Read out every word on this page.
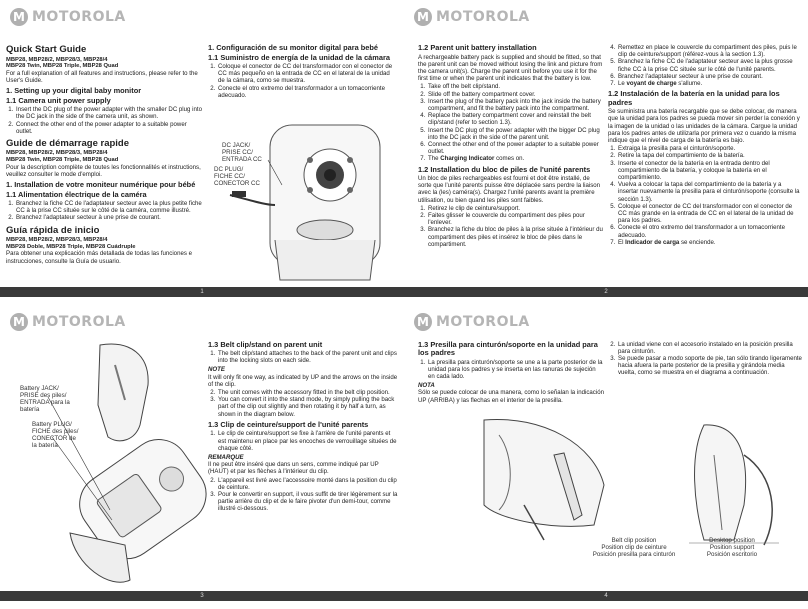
M
MOTOROLA
Quick Start Guide
MBP28, MBP28/2, MBP28/3, MBP28/4
MBP28 Twin, MBP28 Triple, MBP28 Quad
For a full explanation of all features and instructions, please refer to the User's Guide.
1. Setting up your digital baby monitor
1.1 Camera unit power supply
1. Insert the DC plug of the power adapter with the smaller DC plug into the DC jack in the side of the camera unit, as shown.
2. Connect the other end of the power adapter to a suitable power outlet.
Guide de démarrage rapide
MBP28, MBP28/2, MBP28/3, MBP28/4
MBP28 Twin, MBP28 Triple, MBP28 Quad
Pour la description complète de toutes les fonctionnalités et instructions, veuillez consulter le mode d'emploi.
1. Installation de votre moniteur numérique pour bébé
1.1 Alimentation électrique de la caméra
1. Branchez la fiche CC de l'adaptateur secteur avec la plus petite fiche CC à la prise CC située sur le côté de la caméra, comme illustré.
2. Branchez l'adaptateur secteur à une prise de courant.
Guía rápida de inicio
MBP28, MBP28/2, MBP28/3, MBP28/4
MBP28 Doble, MBP28 Triple, MBP28 Cuádruple
Para obtener una explicación más detallada de todas las funciones e instrucciones, consulte la Guía de usuario.
1. Configuración de su monitor digital para bebé
1.1 Suministro de energía de la unidad de la cámara
1. Coloque el conector de CC del transformador con el conector de CC más pequeño en la entrada de CC en el lateral de la unidad de la cámara, como se muestra.
2. Conecte el otro extremo del transformador a un tomacorriente adecuado.
DC JACK/
PRISE CC/
ENTRADA CC
DC PLUG/
FICHE CC/
CONECTOR CC
1
M
MOTOROLA
1.2 Parent unit battery installation
A rechargeable battery pack is supplied and should be fitted, so that the parent unit can be moved without losing the link and picture from the camera unit(s). Charge the parent unit before you use it for the first time or when the parent unit indicates that the battery is low.
1. Take off the belt clip/stand.
2. Slide off the battery compartment cover.
3. Insert the plug of the battery pack into the jack inside the battery compartment, and fit the battery pack into the compartment.
4. Replace the battery compartment cover and reinstall the belt clip/stand (refer to section 1.3).
5. Insert the DC plug of the power adapter with the bigger DC plug into the DC jack in the side of the parent unit.
6. Connect the other end of the power adapter to a suitable power outlet.
7. The Charging Indicator comes on.
1.2 Installation du bloc de piles de l'unité parents
Un bloc de piles rechargeables est fourni et doit être installé, de sorte que l'unité parents puisse être déplacée sans perdre la liaison avec la (les) caméra(s). Chargez l'unité parents avant la première utilisation, ou bien quand les piles sont faibles.
1. Retirez le clip de ceinture/support.
2. Faites glisser le couvercle du compartiment des piles pour l'enlever.
3. Branchez la fiche du bloc de piles à la prise située à l'intérieur du compartiment des piles et insérez le bloc de piles dans le compartiment.
4. Remettez en place le couvercle du compartiment des piles, puis le clip de ceinture/support (référez-vous à la section 1.3).
5. Branchez la fiche CC de l'adaptateur secteur avec la plus grosse fiche CC à la prise CC située sur le côté de l'unité parents.
6. Branchez l'adaptateur secteur à une prise de courant.
7. Le voyant de charge s'allume.
1.2 Instalación de la batería en la unidad para los padres
Se suministra una batería recargable que se debe colocar, de manera que la unidad para los padres se pueda mover sin perder la conexión y la imagen de la unidad o las unidades de la cámara. Cargue la unidad para los padres antes de utilizarla por primera vez o cuando la misma indique que el nivel de carga de la batería es bajo.
1. Extraiga la presilla para el cinturón/soporte.
2. Retire la tapa del compartimiento de la batería.
3. Inserte el conector de la batería en la entrada dentro del compartimiento de la batería, y coloque la batería en el compartimiento.
4. Vuelva a colocar la tapa del compartimiento de la batería y a insertar nuevamente la presilla para el cinturón/soporte (consulte la sección 1.3).
5. Coloque el conector de CC del transformador con el conector de CC más grande en la entrada de CC en el lateral de la unidad de para los padres.
6. Conecte el otro extremo del transformador a un tomacorriente adecuado.
7. El Indicador de carga se enciende.
2
M
MOTOROLA
Battery JACK/
PRISE des piles/
ENTRADA para la
batería
Battery PLUG/
FICHE des piles/
CONECTOR de
la batería
1.3 Belt clip/stand on parent unit
1. The belt clip/stand attaches to the back of the parent unit and clips into the locking slots on each side.
NOTE
It will only fit one way, as indicated by UP and the arrows on the inside of the clip.
2. The unit comes with the accessory fitted in the belt clip position.
3. You can convert it into the stand mode, by simply pulling the back part of the clip out slightly and then rotating it by half a turn, as shown in the diagram below.
1.3 Clip de ceinture/support de l'unité parents
1. Le clip de ceinture/support se fixe à l'arrière de l'unité parents et est maintenu en place par les encoches de verrouillage situées de chaque côté.
REMARQUE
Il ne peut être inséré que dans un sens, comme indiqué par UP (HAUT) et par les flèches à l'intérieur du clip.
2. L'appareil est livré avec l'accessoire monté dans la position du clip de ceinture.
3. Pour le convertir en support, il vous suffit de tirer légèrement sur la partie arrière du clip et de le faire pivoter d'un demi-tour, comme illustré ci-dessous.
3
M
MOTOROLA
1.3 Presilla para cinturón/soporte en la unidad para los padres
1. La presilla para cinturón/soporte se une a la parte posterior de la unidad para los padres y se inserta en las ranuras de sujeción en cada lado.
NOTA
Sólo se puede colocar de una manera, como lo señalan la indicación UP (ARRIBA) y las flechas en el interior de la presilla.
2. La unidad viene con el accesorio instalado en la posición presilla para cinturón.
3. Se puede pasar a modo soporte de pie, tan sólo tirando ligeramente hacia afuera la parte posterior de la presilla y girándola media vuelta, como se muestra en el diagrama a continuación.
Belt clip position
Position clip de ceinture
Posición presilla para cinturón
Desktop position
Position support
Posición escritorio
4
